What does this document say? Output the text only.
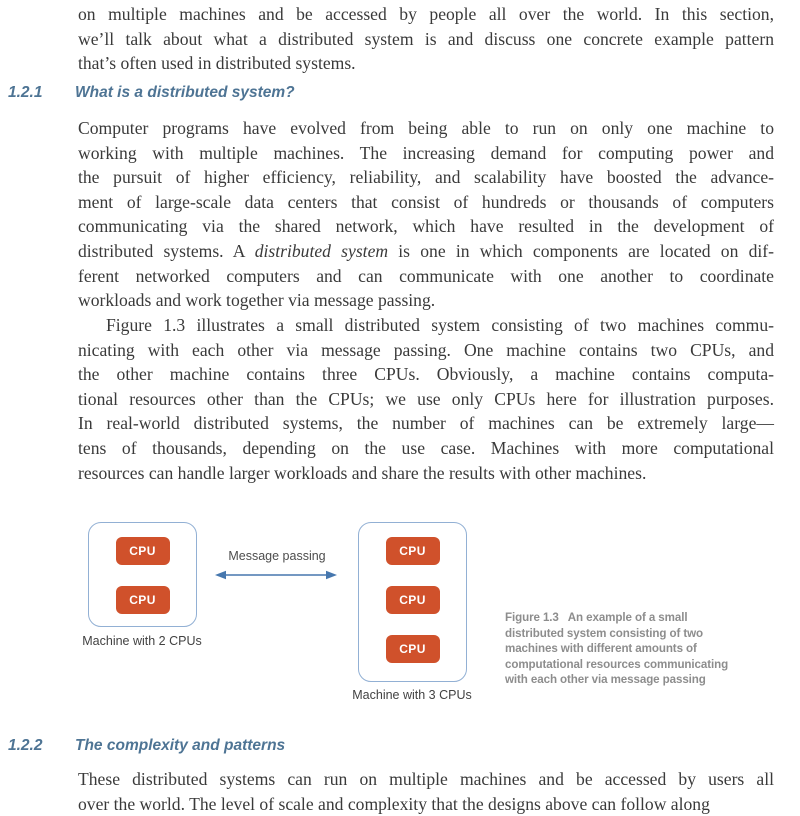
on multiple machines and be accessed by people all over the world. In this section,
we’ll talk about what a distributed system is and discuss one concrete example pattern
that’s often used in distributed systems.
1.2.1	What is a distributed system?
Computer programs have evolved from being able to run on only one machine to
working with multiple machines. The increasing demand for computing power and
the pursuit of higher efficiency, reliability, and scalability have boosted the advance-
ment of large-scale data centers that consist of hundreds or thousands of computers
communicating via the shared network, which have resulted in the development of
distributed systems. A distributed system is one in which components are located on dif-
ferent networked computers and can communicate with one another to coordinate
workloads and work together via message passing.
Figure 1.3 illustrates a small distributed system consisting of two machines commu-
nicating with each other via message passing. One machine contains two CPUs, and
the other machine contains three CPUs. Obviously, a machine contains computa-
tional resources other than the CPUs; we use only CPUs here for illustration purposes.
In real-world distributed systems, the number of machines can be extremely large—
tens of thousands, depending on the use case. Machines with more computational
resources can handle larger workloads and share the results with other machines.
CPU
CPU
Machine with 2 CPUs
Message passing	CPU
CPU
CPU
Machine with 3 CPUs
Figure 1.3 An example of a small
distributed system consisting of two
machines with different amounts of
computational resources communicating
with each other via message passing
1.2.2	The complexity and patterns
These distributed systems can run on multiple machines and be accessed by users all
over the world. The level of scale and complexity that the designs above can follow along
